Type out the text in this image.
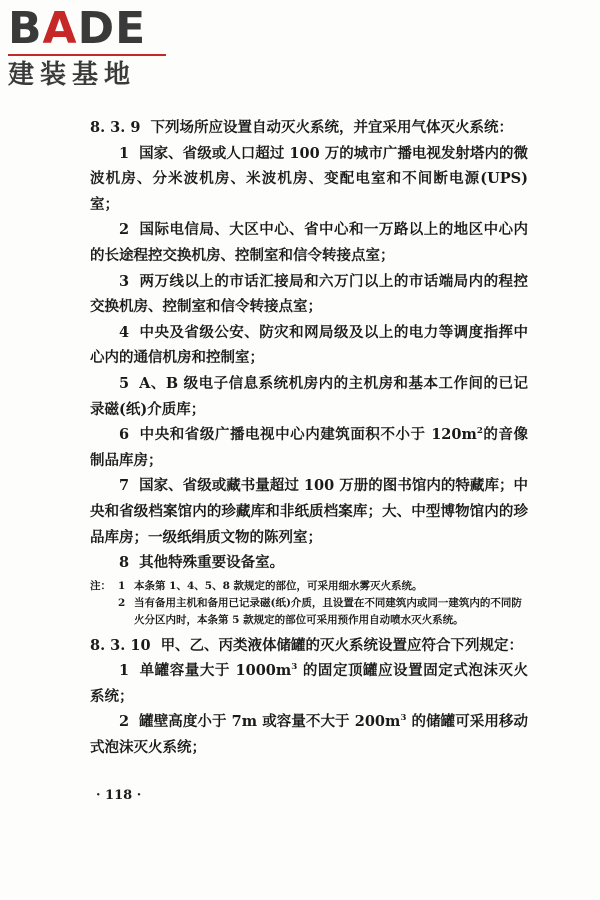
BADE
建装基地

8. 3. 9 下列场所应设置自动灭火系统，并宜采用气体灭火系统：

1 国家、省级或人口超过 100 万的城市广播电视发射塔内的微波机房、分米波机房、米波机房、变配电室和不间断电源(UPS)室；

2 国际电信局、大区中心、省中心和一万路以上的地区中心内的长途程控交换机房、控制室和信令转接点室；

3 两万线以上的市话汇接局和六万门以上的市话端局内的程控交换机房、控制室和信令转接点室；

4 中央及省级公安、防灾和网局级及以上的电力等调度指挥中心内的通信机房和控制室；

5 A、B 级电子信息系统机房内的主机房和基本工作间的已记录磁(纸)介质库；

6 中央和省级广播电视中心内建筑面积不小于 $120m^2$的音像制品库房；

7 国家、省级或藏书量超过 100 万册的图书馆内的特藏库；中央和省级档案馆内的珍藏库和非纸质档案库；大、中型博物馆内的珍品库房；一级纸绢质文物的陈列室；

8 其他特殊重要设备室。

注： 1 本条第 1、4、5、8 款规定的部位，可采用细水雾灭火系统。

2 当有备用主机和备用已记录磁(纸)介质，且设置在不同建筑内或同一建筑内的不同防火分区内时，本条第 5 款规定的部位可采用预作用自动喷水灭火系统。

8. 3. 10 甲、乙、丙类液体储罐的灭火系统设置应符合下列规定：

1 单罐容量大于 $1000m^3$ 的固定顶罐应设置固定式泡沫灭火系统；

2 罐壁高度小于 7m 或容量不大于 $200m^3$ 的储罐可采用移动式泡沫灭火系统；

· 118 ·
